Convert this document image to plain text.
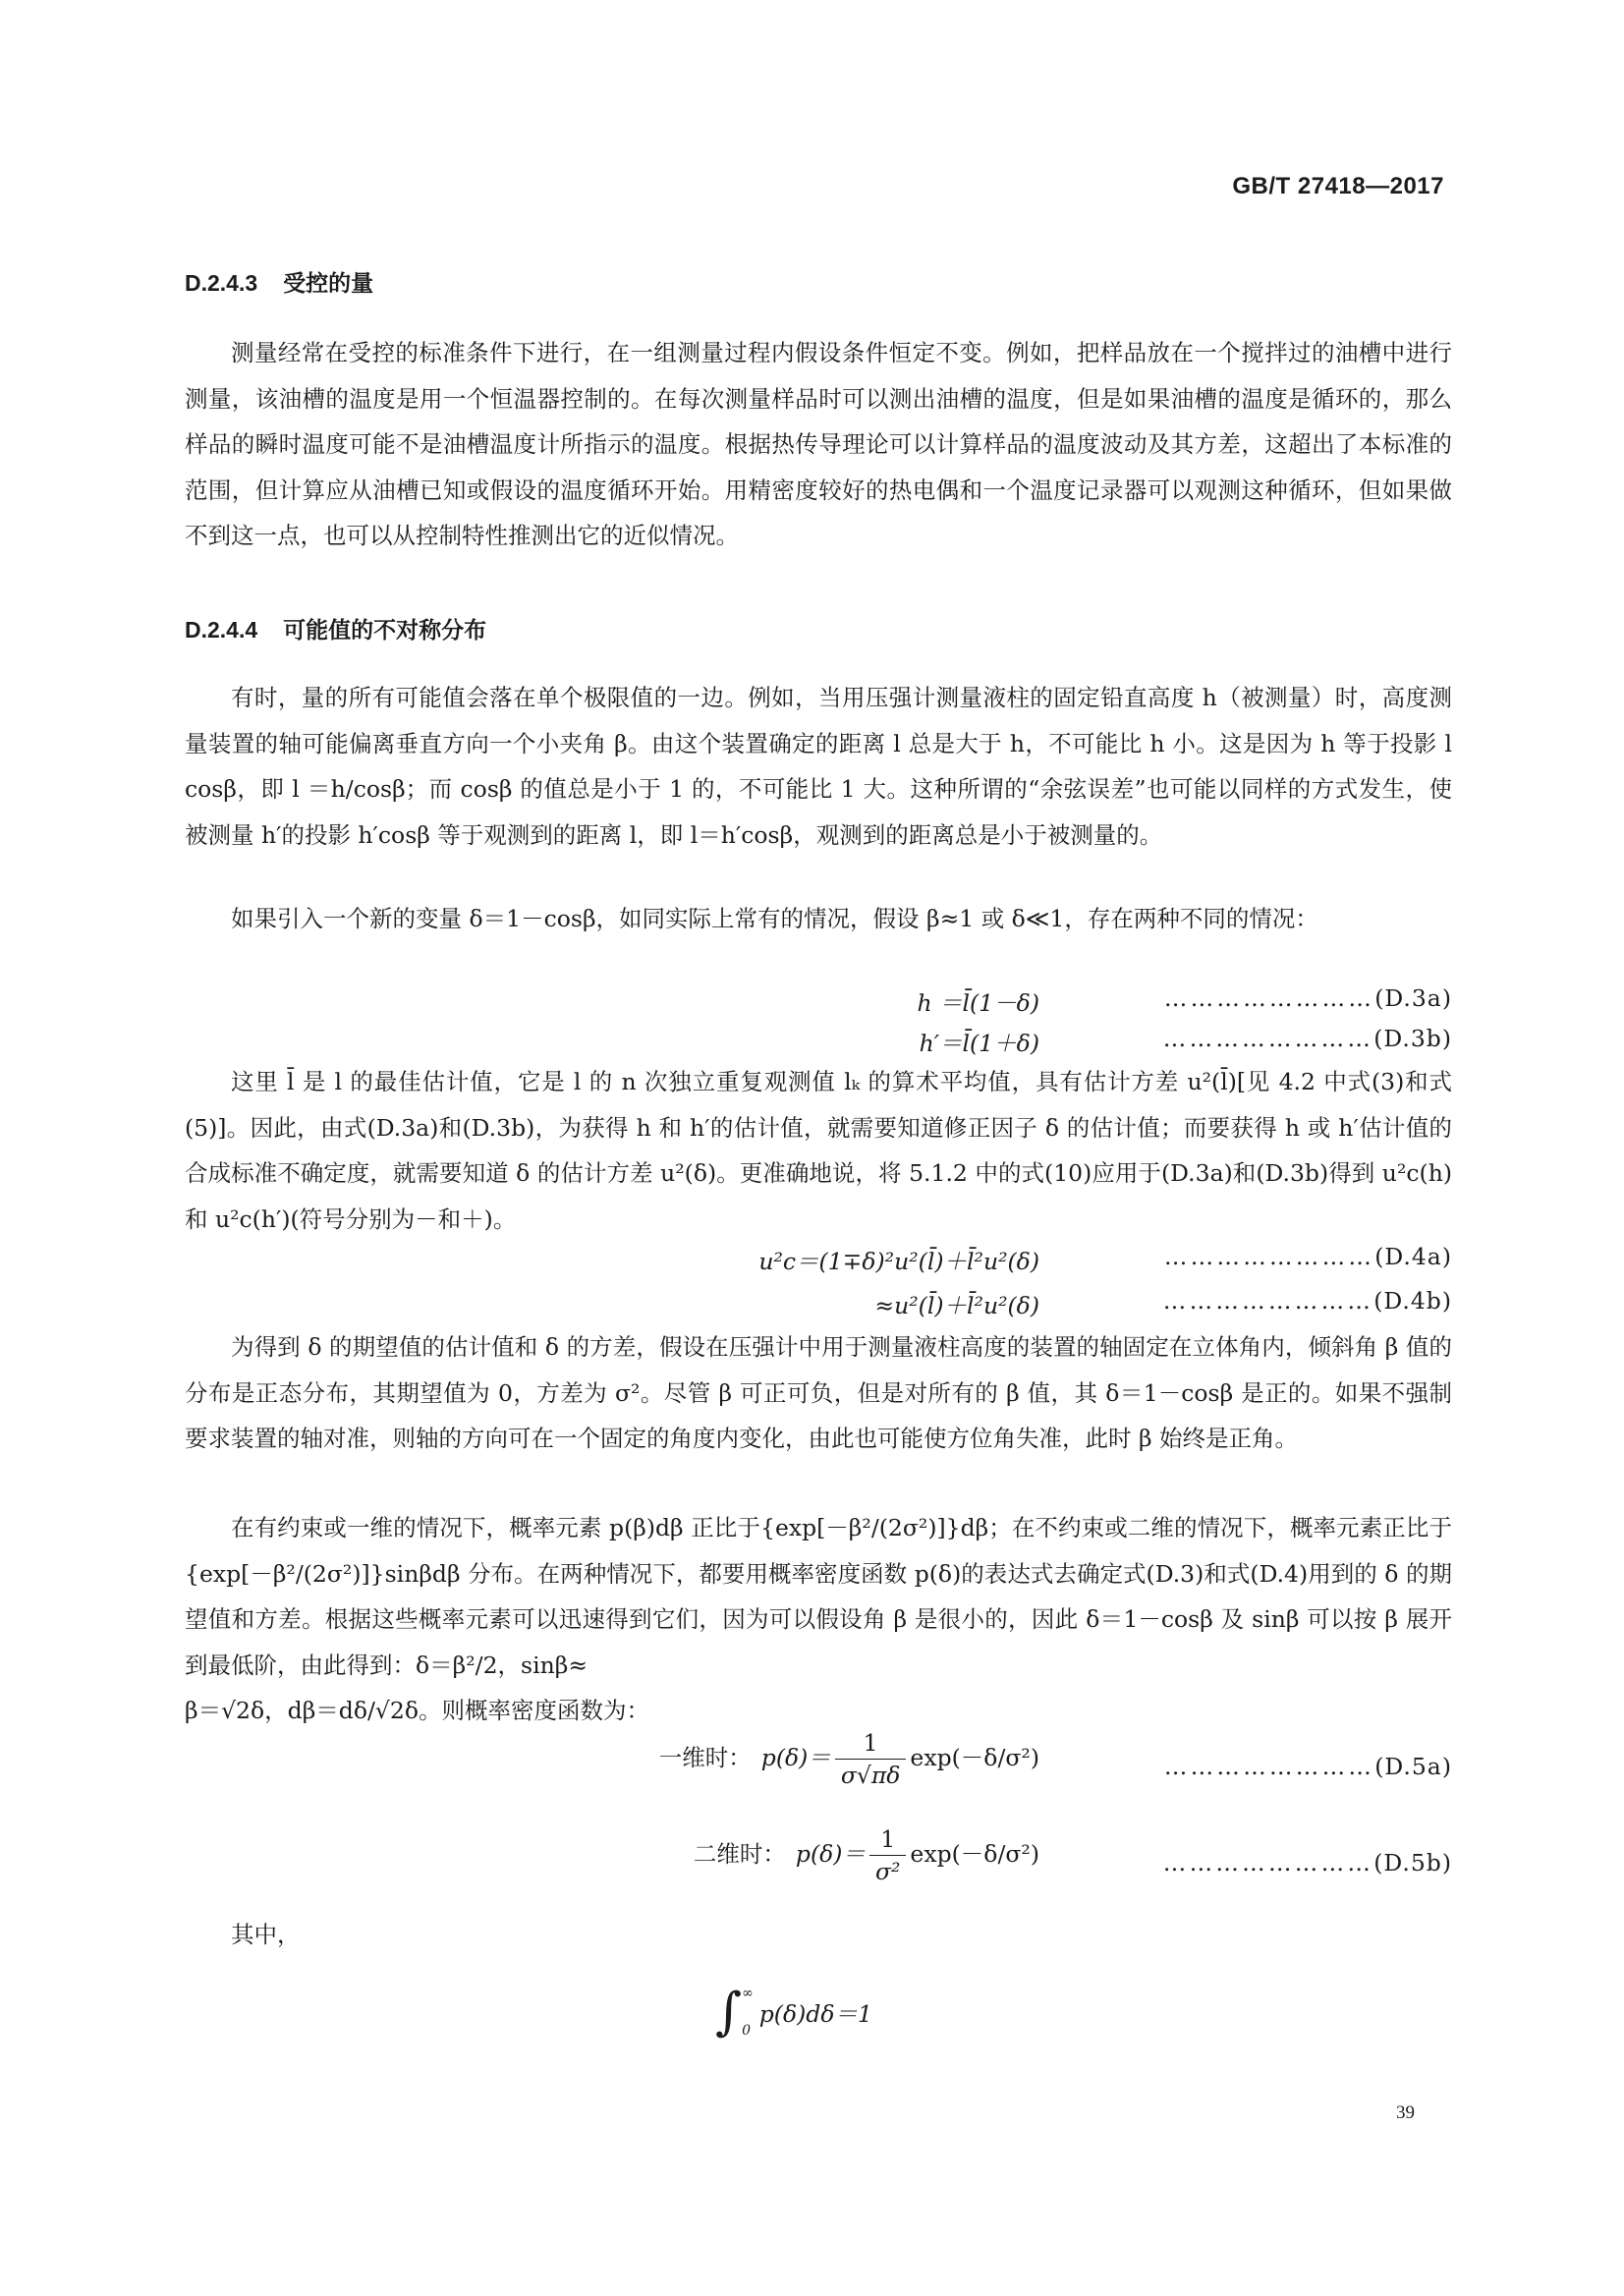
GB/T 27418—2017
D.2.4.3 受控的量

测量经常在受控的标准条件下进行，在一组测量过程内假设条件恒定不变。例如，把样品放在一个搅拌过的油槽中进行测量，该油槽的温度是用一个恒温器控制的。在每次测量样品时可以测出油槽的温度，但是如果油槽的温度是循环的，那么样品的瞬时温度可能不是油槽温度计所指示的温度。根据热传导理论可以计算样品的温度波动及其方差，这超出了本标准的范围，但计算应从油槽已知或假设的温度循环开始。用精密度较好的热电偶和一个温度记录器可以观测这种循环，但如果做不到这一点，也可以从控制特性推测出它的近似情况。

D.2.4.4 可能值的不对称分布

有时，量的所有可能值会落在单个极限值的一边。例如，当用压强计测量液柱的固定铅直高度 h（被测量）时，高度测量装置的轴可能偏离垂直方向一个小夹角 β。由这个装置确定的距离 l 总是大于 h，不可能比 h 小。这是因为 h 等于投影 l cosβ，即 l ＝h/cosβ；而 cosβ 的值总是小于 1 的，不可能比 1 大。这种所谓的“余弦误差”也可能以同样的方式发生，使被测量 h′的投影 h′cosβ 等于观测到的距离 l，即 l＝h′cosβ，观测到的距离总是小于被测量的。

如果引入一个新的变量 δ＝1－cosβ，如同实际上常有的情况，假设 β≈1 或 δ≪1，存在两种不同的情况：

h ＝l̄(1－δ)	……………………(D.3a)
h′＝l̄(1＋δ)	……………………(D.3b)

这里 l̄ 是 l 的最佳估计值，它是 l 的 n 次独立重复观测值 lₖ 的算术平均值，具有估计方差 u²(l̄)[见 4.2 中式(3)和式(5)]。因此，由式(D.3a)和(D.3b)，为获得 h 和 h′的估计值，就需要知道修正因子 δ 的估计值；而要获得 h 或 h′估计值的合成标准不确定度，就需要知道 δ 的估计方差 u²(δ)。更准确地说，将 5.1.2 中的式(10)应用于(D.3a)和(D.3b)得到 u²c(h)和 u²c(h′)(符号分别为－和＋)。

u²c＝(1∓δ)²u²(l̄)＋l̄²u²(δ)	……………………(D.4a)
≈u²(l̄)＋l̄²u²(δ)	……………………(D.4b)

为得到 δ 的期望值的估计值和 δ 的方差，假设在压强计中用于测量液柱高度的装置的轴固定在立体角内，倾斜角 β 值的分布是正态分布，其期望值为 0，方差为 σ²。尽管 β 可正可负，但是对所有的 β 值，其 δ＝1－cosβ 是正的。如果不强制要求装置的轴对准，则轴的方向可在一个固定的角度内变化，由此也可能使方位角失准，此时 β 始终是正角。

在有约束或一维的情况下，概率元素 p(β)dβ 正比于{exp[－β²/(2σ²)]}dβ；在不约束或二维的情况下，概率元素正比于{exp[－β²/(2σ²)]}sinβdβ 分布。在两种情况下，都要用概率密度函数 p(δ)的表达式去确定式(D.3)和式(D.4)用到的 δ 的期望值和方差。根据这些概率元素可以迅速得到它们，因为可以假设角 β 是很小的，因此 δ＝1－cosβ 及 sinβ 可以按 β 展开到最低阶，由此得到：δ＝β²/2，sinβ≈

β＝√2δ，dβ＝dδ/√2δ。则概率密度函数为：

一维时： $p(\delta)= \frac{1}{\sigma√\pi\delta} \exp(-\delta/\sigma^2)$	……………………(D.5a)
二维时： $p(\delta)= \frac{1}{\text{σ²}} \exp(-\delta/\sigma^2)$	……………………(D.5b)

其中，

∫ ∞
0
p(δ)dδ＝1
39
